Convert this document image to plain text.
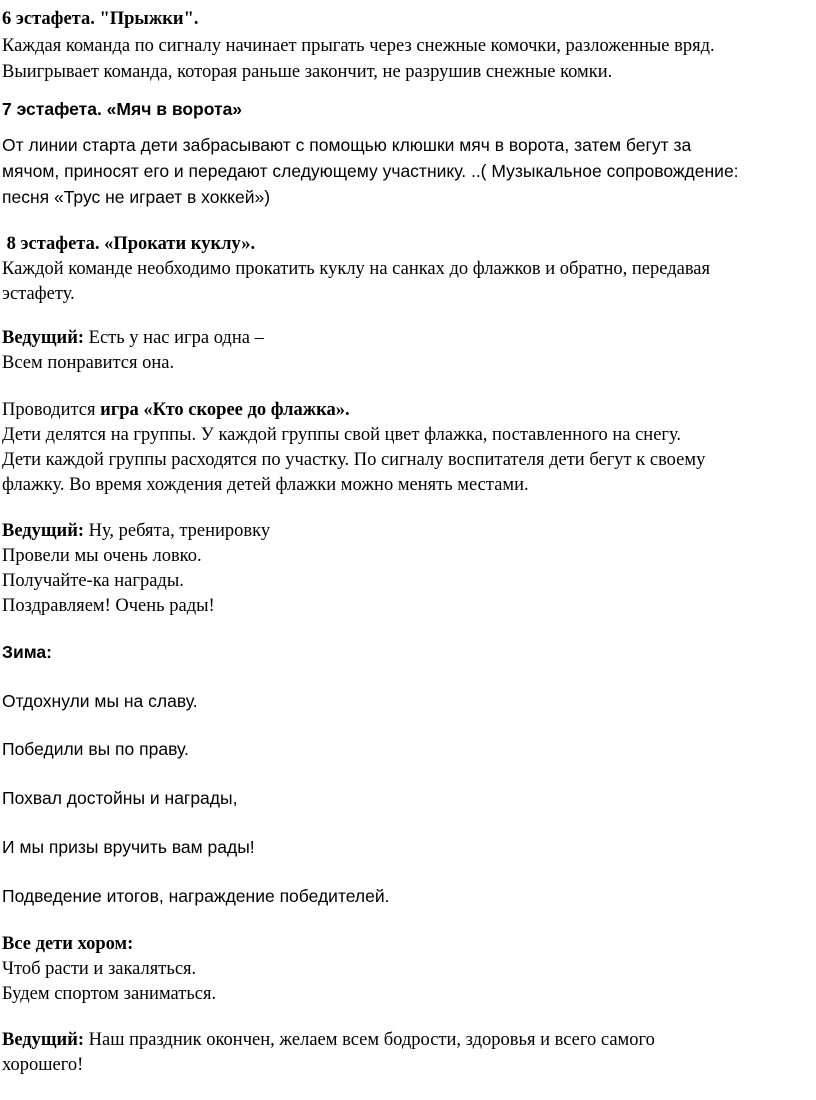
6 эстафета. "Прыжки".
Каждая команда по сигналу начинает прыгать через снежные комочки, разложенные вряд.
Выигрывает команда, которая раньше закончит, не разрушив снежные комки.
7 эстафета. «Мяч в ворота»
От линии старта дети забрасывают с помощью клюшки мяч в ворота, затем бегут за
мячом, приносят его и передают следующему участнику. ..( Музыкальное сопровождение:
песня «Трус не играет в хоккей»)
8 эстафета. «Прокати куклу».
Каждой команде необходимо прокатить куклу на санках до флажков и обратно, передавая
эстафету.
Ведущий: Есть у нас игра одна –
Всем понравится она.
Проводится игра «Кто скорее до флажка».
Дети делятся на группы. У каждой группы свой цвет флажка, поставленного на снегу.
Дети каждой группы расходятся по участку. По сигналу воспитателя дети бегут к своему
флажку. Во время хождения детей флажки можно менять местами.
Ведущий: Ну, ребята, тренировку
Провели мы очень ловко.
Получайте-ка награды.
Поздравляем! Очень рады!
Зима:
Отдохнули мы на славу.
Победили вы по праву.
Похвал достойны и награды,
И мы призы вручить вам рады!
Подведение итогов, награждение победителей.
Все дети хором:
Чтоб расти и закаляться.
Будем спортом заниматься.
Ведущий: Наш праздник окончен, желаем всем бодрости, здоровья и всего самого
хорошего!
